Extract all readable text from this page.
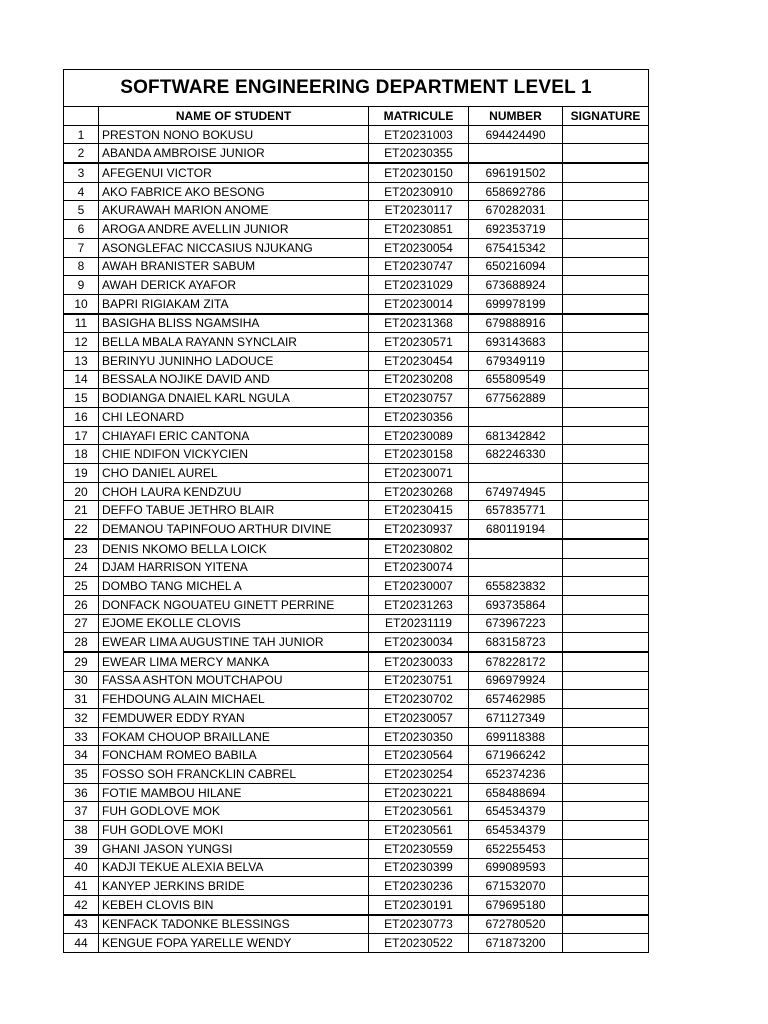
SOFTWARE ENGINEERING DEPARTMENT LEVEL 1				
	NAME OF STUDENT	MATRICULE	NUMBER	SIGNATURE
1	PRESTON NONO BOKUSU	ET20231003	694424490	
2	ABANDA AMBROISE JUNIOR	ET20230355		
3	AFEGENUI VICTOR	ET20230150	696191502	
4	AKO FABRICE AKO BESONG	ET20230910	658692786	
5	AKURAWAH MARION ANOME	ET20230117	670282031	
6	AROGA ANDRE AVELLIN JUNIOR	ET20230851	692353719	
7	ASONGLEFAC NICCASIUS NJUKANG	ET20230054	675415342	
8	AWAH BRANISTER SABUM	ET20230747	650216094	
9	AWAH DERICK AYAFOR	ET20231029	673688924	
10	BAPRI RIGIAKAM ZITA	ET20230014	699978199	
11	BASIGHA BLISS NGAMSIHA	ET20231368	679888916	
12	BELLA MBALA RAYANN SYNCLAIR	ET20230571	693143683	
13	BERINYU JUNINHO LADOUCE	ET20230454	679349119	
14	BESSALA NOJIKE DAVID AND	ET20230208	655809549	
15	BODIANGA DNAIEL KARL NGULA	ET20230757	677562889	
16	CHI LEONARD	ET20230356		
17	CHIAYAFI ERIC CANTONA	ET20230089	681342842	
18	CHIE NDIFON VICKYCIEN	ET20230158	682246330	
19	CHO DANIEL AUREL	ET20230071		
20	CHOH LAURA KENDZUU	ET20230268	674974945	
21	DEFFO TABUE JETHRO BLAIR	ET20230415	657835771	
22	DEMANOU TAPINFOUO ARTHUR DIVINE	ET20230937	680119194	
23	DENIS NKOMO BELLA LOICK	ET20230802		
24	DJAM HARRISON YITENA	ET20230074		
25	DOMBO TANG MICHEL A	ET20230007	655823832	
26	DONFACK NGOUATEU GINETT PERRINE	ET20231263	693735864	
27	EJOME EKOLLE CLOVIS	ET20231119	673967223	
28	EWEAR LIMA AUGUSTINE TAH JUNIOR	ET20230034	683158723	
29	EWEAR LIMA MERCY MANKA	ET20230033	678228172	
30	FASSA ASHTON MOUTCHAPOU	ET20230751	696979924	
31	FEHDOUNG ALAIN MICHAEL	ET20230702	657462985	
32	FEMDUWER EDDY RYAN	ET20230057	671127349	
33	FOKAM CHOUOP BRAILLANE	ET20230350	699118388	
34	FONCHAM ROMEO BABILA	ET20230564	671966242	
35	FOSSO SOH FRANCKLIN CABREL	ET20230254	652374236	
36	FOTIE MAMBOU HILANE	ET20230221	658488694	
37	FUH GODLOVE MOK	ET20230561	654534379	
38	FUH GODLOVE MOKI	ET20230561	654534379	
39	GHANI JASON YUNGSI	ET20230559	652255453	
40	KADJI TEKUE ALEXIA BELVA	ET20230399	699089593	
41	KANYEP JERKINS BRIDE	ET20230236	671532070	
42	KEBEH CLOVIS BIN	ET20230191	679695180	
43	KENFACK TADONKE BLESSINGS	ET20230773	672780520	
44	KENGUE FOPA YARELLE WENDY	ET20230522	671873200	
